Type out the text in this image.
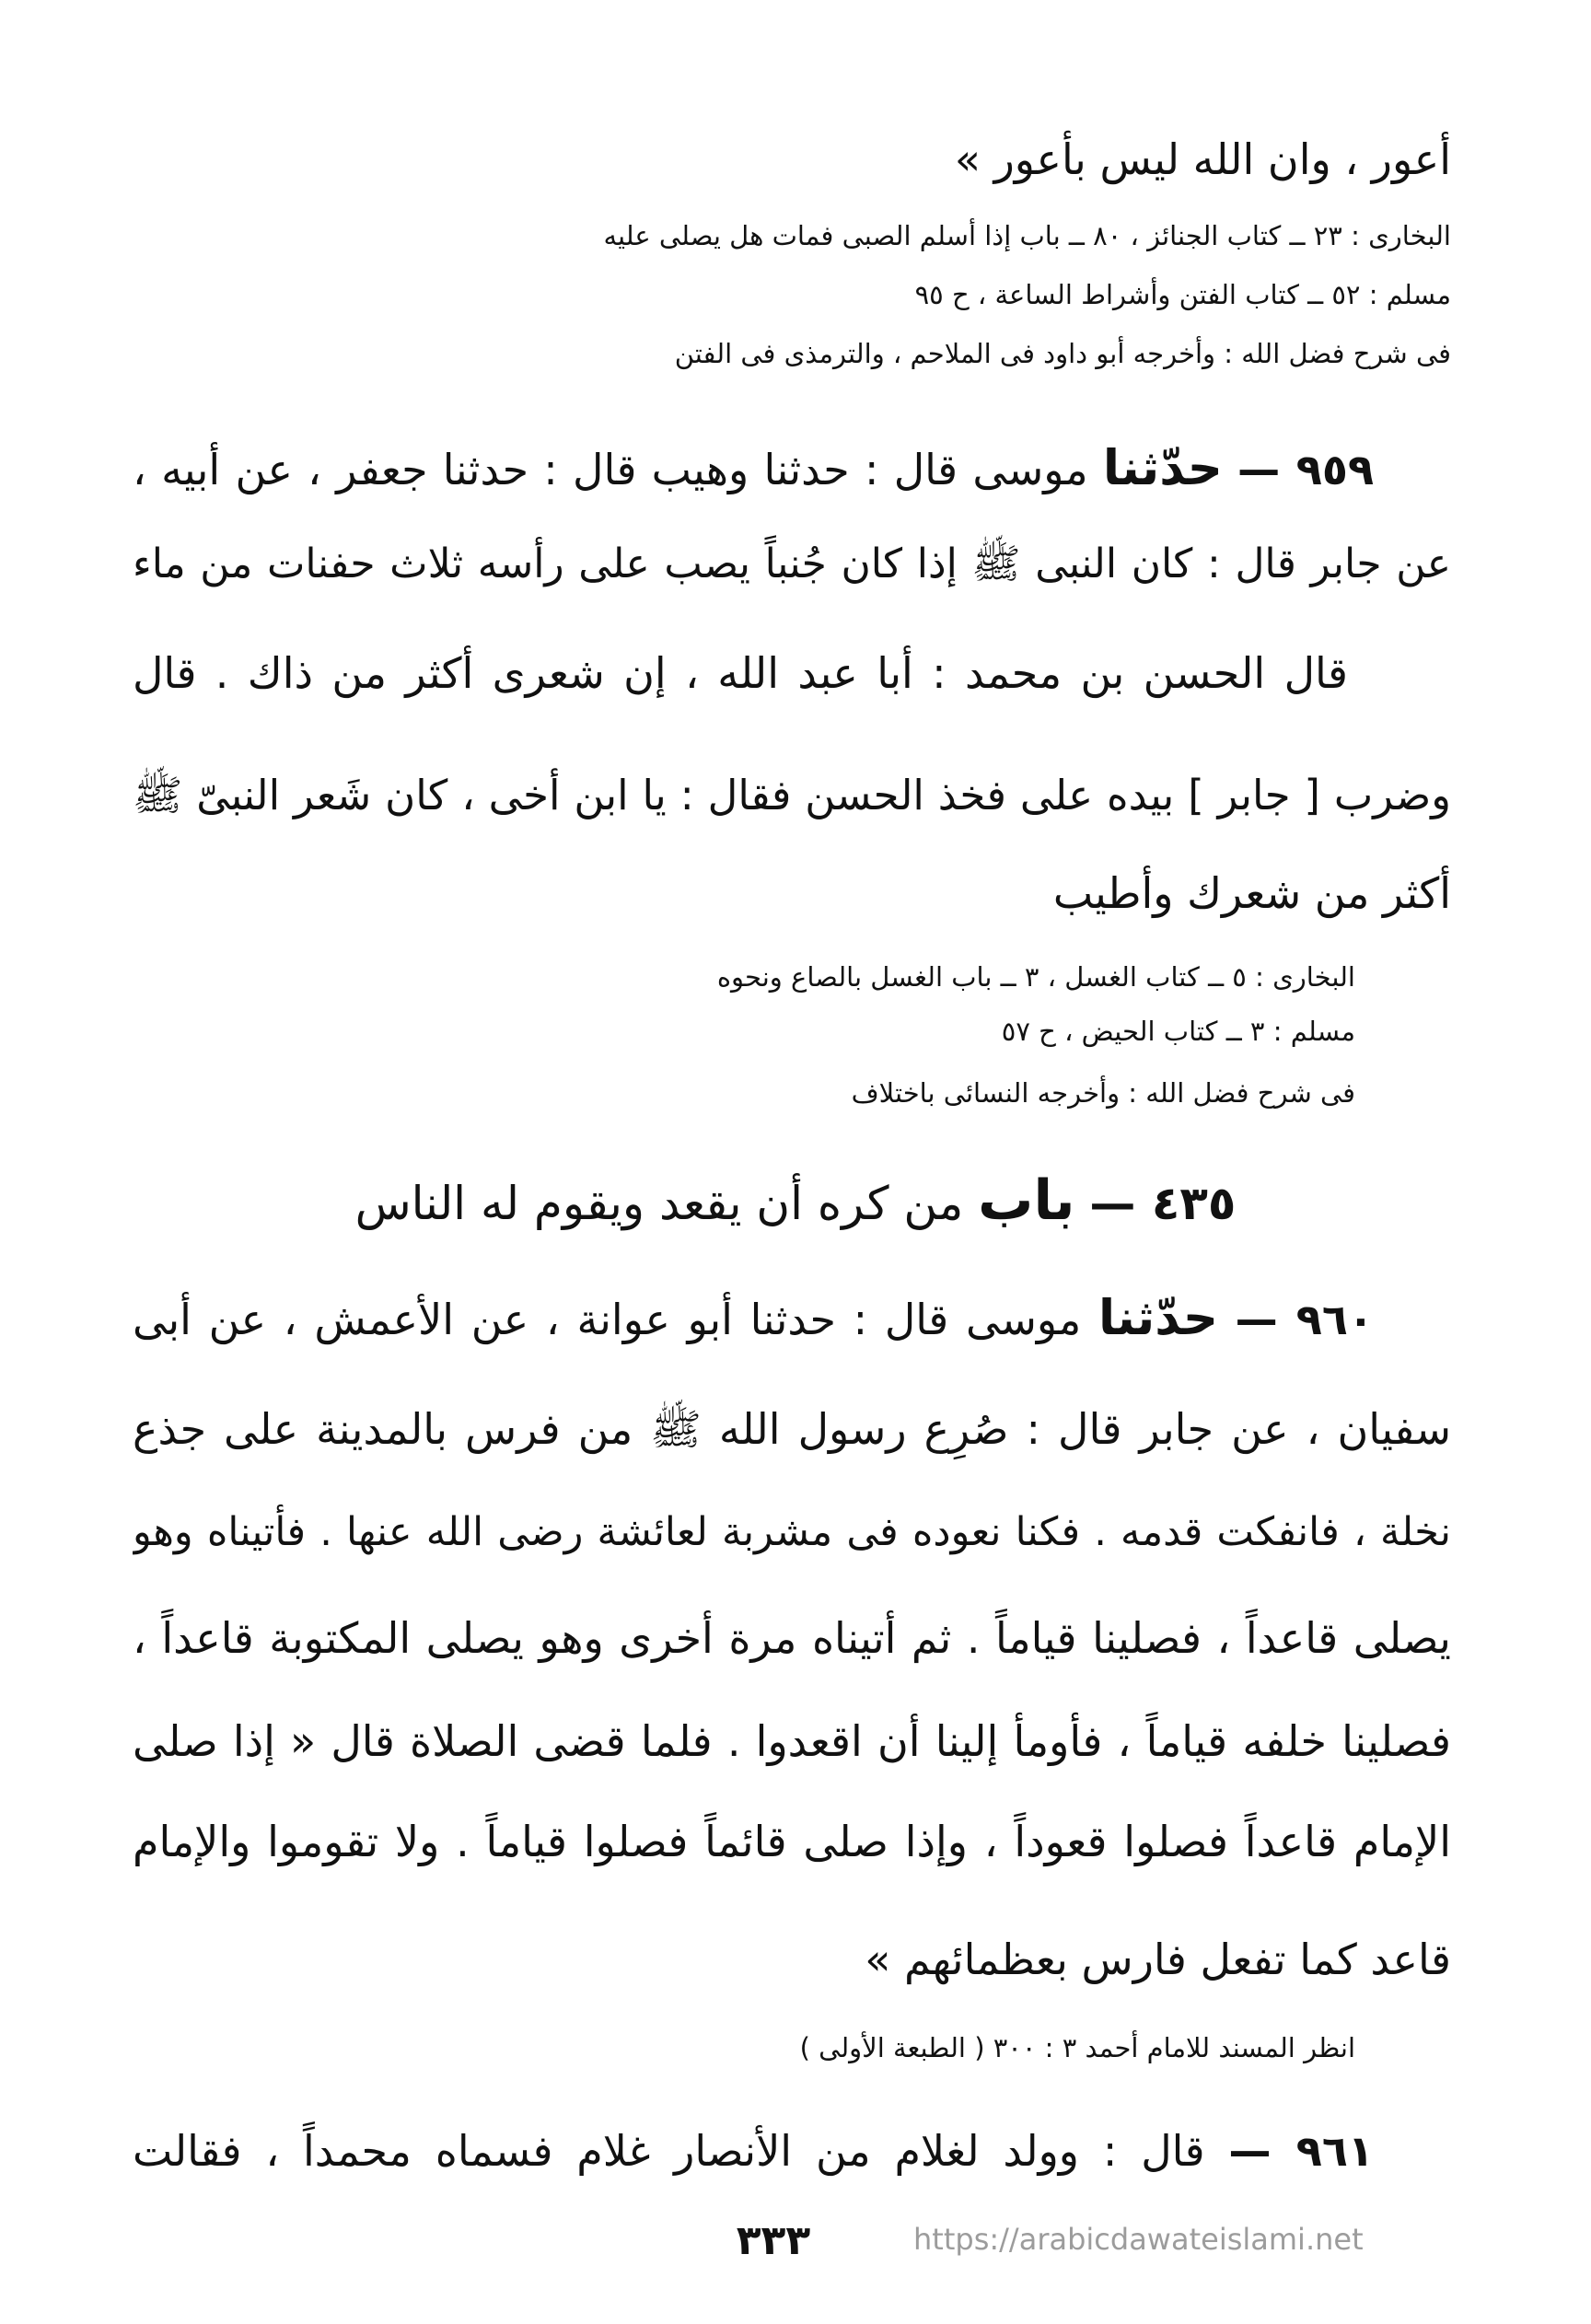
أعور ، وان الله ليس بأعور »
البخارى : ٢٣ ــ كتاب الجنائز ، ٨٠ ــ باب إذا أسلم الصبى فمات هل يصلى عليه
مسلم : ٥٢ ــ كتاب الفتن وأشراط الساعة ، ح ٩٥
فى شرح فضل الله : وأخرجه أبو داود فى الملاحم ، والترمذى فى الفتن
٩٥٩ — حدّثنا موسى قال : حدثنا وهيب قال : حدثنا جعفر ، عن أبيه ،
عن جابر قال : كان النبى ﷺ إذا كان جُنباً يصب على رأسه ثلاث حفنات من ماء
قال الحسن بن محمد : أبا عبد الله ، إن شعرى أكثر من ذاك . قال
وضرب [ جابر ] بيده على فخذ الحسن فقال : يا ابن أخى ، كان شَعر النبىّ ﷺ
أكثر من شعرك وأطيب
البخارى : ٥ ــ كتاب الغسل ، ٣ ــ باب الغسل بالصاع ونحوه
مسلم : ٣ ــ كتاب الحيض ، ح ٥٧
فى شرح فضل الله : وأخرجه النسائى باختلاف
٤٣٥ — باب من كره أن يقعد ويقوم له الناس
٩٦٠ — حدّثنا موسى قال : حدثنا أبو عوانة ، عن الأعمش ، عن أبى
سفيان ، عن جابر قال : صُرِع رسول الله ﷺ من فرس بالمدينة على جذع
نخلة ، فانفكت قدمه . فكنا نعوده فى مشربة لعائشة رضى الله عنها . فأتيناه وهو
يصلى قاعداً ، فصلينا قياماً . ثم أتيناه مرة أخرى وهو يصلى المكتوبة قاعداً ،
فصلينا خلفه قياماً ، فأومأ إلينا أن اقعدوا . فلما قضى الصلاة قال « إذا صلى
الإمام قاعداً فصلوا قعوداً ، وإذا صلى قائماً فصلوا قياماً . ولا تقوموا والإمام
قاعد كما تفعل فارس بعظمائهم »
انظر المسند للامام أحمد ٣ : ٣٠٠ ( الطبعة الأولى )
٩٦١ — قال : وولد لغلام من الأنصار غلام فسماه محمداً ، فقالت
٣٣٣	https://arabicdawateislami.net
